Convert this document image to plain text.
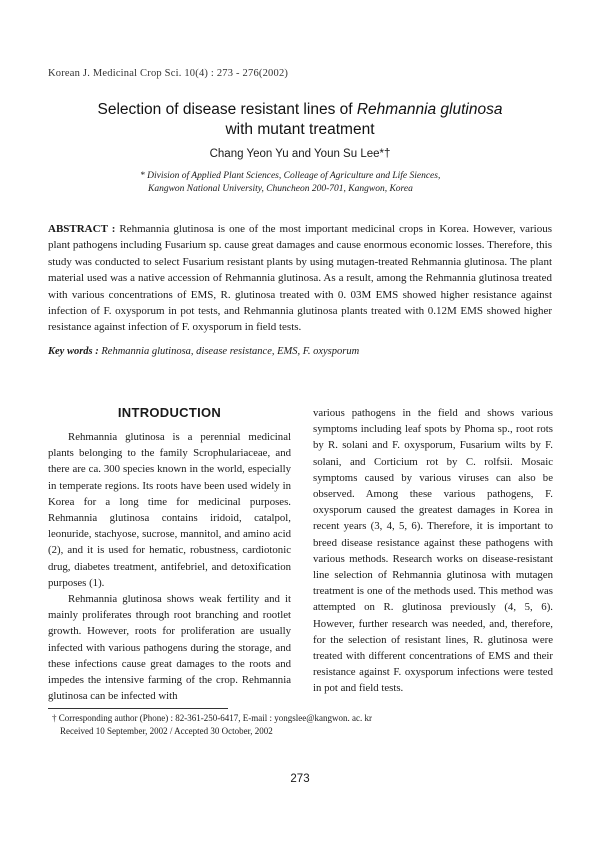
Korean J. Medicinal Crop Sci. 10(4) : 273 - 276(2002)
Selection of disease resistant lines of Rehmannia glutinosa
with mutant treatment
Chang Yeon Yu and Youn Su Lee*†
* Division of Applied Plant Sciences, Colleage of Agriculture and Life Siences,
Kangwon National University, Chuncheon 200-701, Kangwon, Korea
ABSTRACT : Rehmannia glutinosa is one of the most important medicinal crops in Korea. However, various plant pathogens including Fusarium sp. cause great damages and cause enormous economic losses. Therefore, this study was conducted to select Fusarium resistant plants by using mutagen-treated Rehmannia glutinosa. The plant material used was a native accession of Rehmannia glutinosa. As a result, among the Rehmannia glutinosa treated with various concentrations of EMS, R. glutinosa treated with 0. 03M EMS showed higher resistance against infection of F. oxysporum in pot tests, and Rehmannia glutinosa plants treated with 0.12M EMS showed higher resistance against infection of F. oxysporum in field tests.
Key words : Rehmannia glutinosa, disease resistance, EMS, F. oxysporum
INTRODUCTION

Rehmannia glutinosa is a perennial medicinal plants belonging to the family Scrophulariaceae, and there are ca. 300 species known in the world, especially in temperate regions. Its roots have been used widely in Korea for a long time for medicinal purposes. Rehmannia glutinosa contains iridoid, catalpol, leonuride, stachyose, sucrose, mannitol, and amino acid (2), and it is used for hematic, robustness, cardiotonic drug, diabetes treatment, antifebriel, and detoxification purposes (1).

Rehmannia glutinosa shows weak fertility and it mainly proliferates through root branching and rootlet growth. However, roots for proliferation are usually infected with various pathogens during the storage, and these infections cause great damages to the roots and impedes the intensive farming of the crop. Rehmannia glutinosa can be infected with

various pathogens in the field and shows various symptoms including leaf spots by Phoma sp., root rots by R. solani and F. oxysporum, Fusarium wilts by F. solani, and Corticium rot by C. rolfsii. Mosaic symptoms caused by various viruses can also be observed. Among these various pathogens, F. oxysporum caused the greatest damages in Korea in recent years (3, 4, 5, 6). Therefore, it is important to breed disease resistance against these pathogens with various methods. Research works on disease-resistant line selection of Rehmannia glutinosa with mutagen treatment is one of the methods used. This method was attempted on R. glutinosa previously (4, 5, 6). However, further research was needed, and, therefore, for the selection of resistant lines, R. glutinosa were treated with different concentrations of EMS and their resistance against F. oxysporum infections were tested in pot and field tests.

† Corresponding author (Phone) : 82-361-250-6417, E-mail : yongslee@kangwon. ac. kr
Received 10 September, 2002 / Accepted 30 October, 2002
273
